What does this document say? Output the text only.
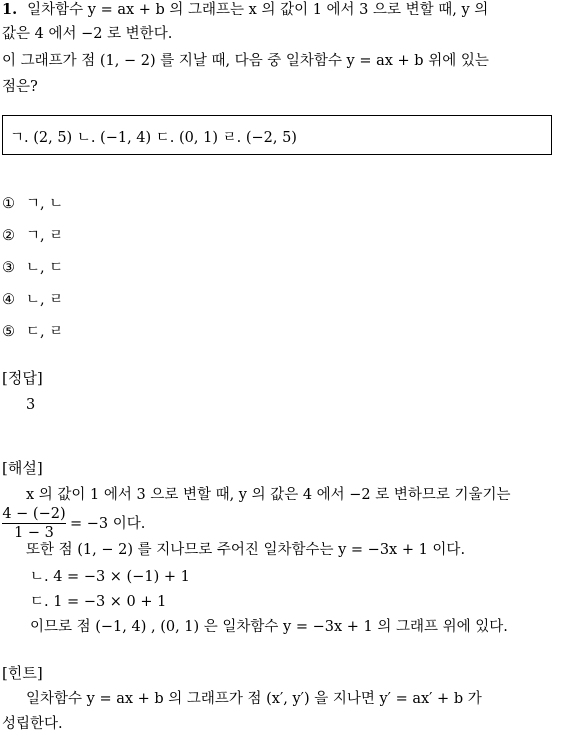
1. 일차함수 y = ax + b 의 그래프는 x 의 값이 1 에서 3 으로 변할 때, y 의
값은 4 에서 −2 로 변한다.
이 그래프가 점 (1, − 2) 를 지날 때, 다음 중 일차함수 y = ax + b 위에 있는
점은?
ㄱ. (2, 5) ㄴ. (−1, 4) ㄷ. (0, 1) ㄹ. (−2, 5)
① ㄱ, ㄴ
② ㄱ, ㄹ
③ ㄴ, ㄷ
④ ㄴ, ㄹ
⑤ ㄷ, ㄹ
[정답]
3
[해설]
x 의 값이 1 에서 3 으로 변할 때, y 의 값은 4 에서 −2 로 변하므로 기울기는
$\frac{4 - (-2)}{1 - 3} = -3$ 이다.
또한 점 (1, − 2) 를 지나므로 주어진 일차함수는 y = −3x + 1 이다.
ㄴ. 4 = −3 × (−1) + 1
ㄷ. 1 = −3 × 0 + 1
이므로 점 (−1, 4) , (0, 1) 은 일차함수 y = −3x + 1 의 그래프 위에 있다.
[힌트]
일차함수 y = ax + b 의 그래프가 점 (x′, y′) 을 지나면 y′ = ax′ + b 가
성립한다.
